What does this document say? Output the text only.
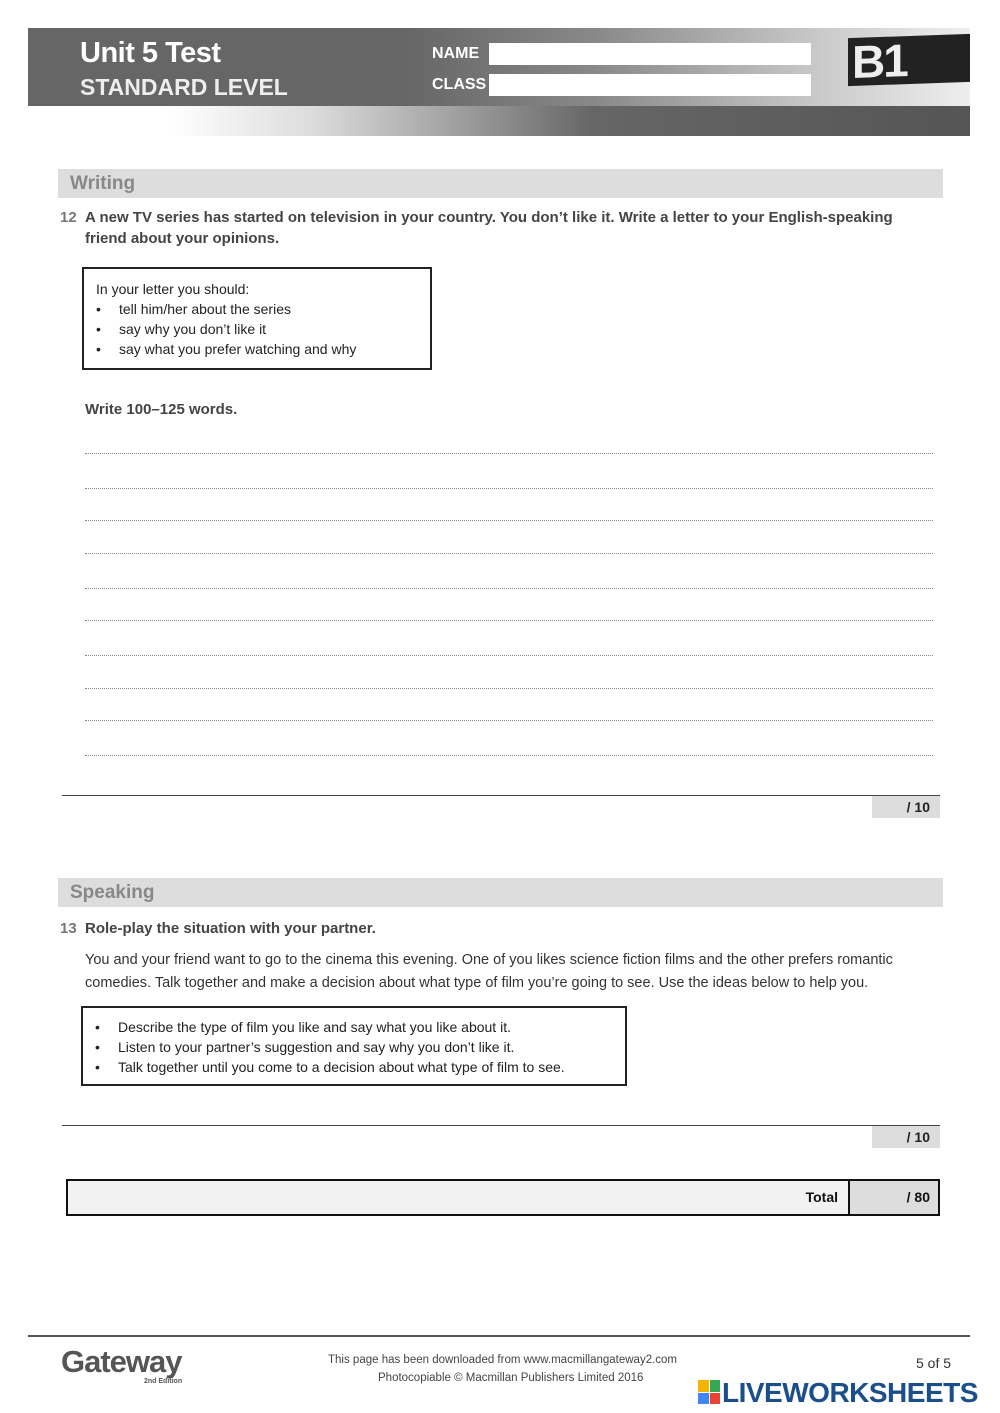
Unit 5 Test
STANDARD LEVEL
NAME
CLASS	B1
Writing
12 A new TV series has started on television in your country. You don’t like it. Write a letter to your English-speaking friend about your opinions.
In your letter you should:
• tell him/her about the series
• say why you don’t like it
• say what you prefer watching and why
Write 100–125 words.
/ 10
Speaking
13 Role-play the situation with your partner.

You and your friend want to go to the cinema this evening. One of you likes science fiction films and the other prefers romantic comedies. Talk together and make a decision about what type of film you’re going to see. Use the ideas below to help you.

• Describe the type of film you like and say what you like about it.
• Listen to your partner’s suggestion and say why you don’t like it.
• Talk together until you come to a decision about what type of film to see.
/ 10
Total	/ 80
Gateway
2nd Edition
This page has been downloaded from www.macmillangateway2.com
Photocopiable © Macmillan Publishers Limited 2016
5 of 5
LIVEWORKSHEETS
